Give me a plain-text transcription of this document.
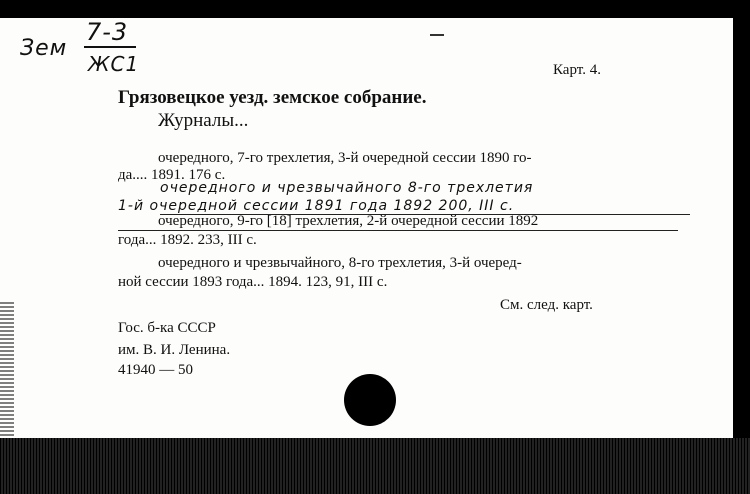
7-3
Зем
ЖС1	Карт. 4.
Грязовецкое уезд. земское собрание.
Журналы...
очередного, 7-го трехлетия, 3-й очередной сессии 1890 го-
да.... 1891. 176 с.
очередного и чрезвычайного 8-го трехлетия
1-й очередной сессии 1891 года 1892 200, III с.
очередного, 9-го [18] трехлетия, 2-й очередной сессии 1892
года... 1892. 233, III с.
очередного и чрезвычайного, 8-го трехлетия, 3-й очеред-
ной сессии 1893 года... 1894. 123, 91, III с.
См. след. карт.
Гос. б-ка СССР
им. В. И. Ленина.
41940 — 50
